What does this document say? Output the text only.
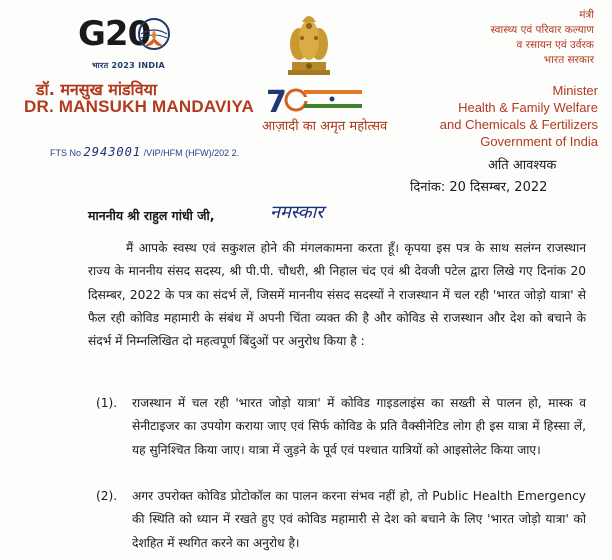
G20
भारत 2023 INDIA
डॉ. मनसुख मांडविया
DR. MANSUKH MANDAVIYA 7
आज़ादी का अमृत महोत्सव
मंत्री
स्वास्थ्य एवं परिवार कल्याण
व रसायन एवं उर्वरक
भारत सरकार
Minister
Health & Family Welfare
and Chemicals & Fertilizers
Government of India
FTS No 2943001 /VIP/HFM (HFW)/202 2.
अति आवश्यक
दिनांक: 20 दिसम्बर, 2022
माननीय श्री राहुल गांधी जी,	नमस्कार
मैं आपके स्वस्थ एवं सकुशल होने की मंगलकामना करता हूँ। कृपया इस पत्र के साथ सलंग्न राजस्थान राज्य के माननीय संसद सदस्य, श्री पी.पी. चौधरी, श्री निहाल चंद एवं श्री देवजी पटेल द्वारा लिखे गए दिनांक 20 दिसम्बर, 2022 के पत्र का संदर्भ लें, जिसमें माननीय संसद सदस्यों ने राजस्थान में चल रही 'भारत जोड़ो यात्रा' से फैल रही कोविड महामारी के संबंध में अपनी चिंता व्यक्त की है और कोविड से राजस्थान और देश को बचाने के संदर्भ में निम्नलिखित दो महत्वपूर्ण बिंदुओं पर अनुरोध किया है :
(1). राजस्थान में चल रही 'भारत जोड़ो यात्रा' में कोविड गाइडलाइंस का सख्ती से पालन हो, मास्क व सेनीटाइजर का उपयोग कराया जाए एवं सिर्फ कोविड के प्रति वैक्सीनेटिड लोग ही इस यात्रा में हिस्सा लें, यह सुनिश्चित किया जाए। यात्रा में जुड़ने के पूर्व एवं पश्चात यात्रियों को आइसोलेट किया जाए।
(2). अगर उपरोक्त कोविड प्रोटोकॉल का पालन करना संभव नहीं हो, तो Public Health Emergency की स्थिति को ध्यान में रखते हुए एवं कोविड महामारी से देश को बचाने के लिए 'भारत जोड़ो यात्रा' को देशहित में स्थगित करने का अनुरोध है।
